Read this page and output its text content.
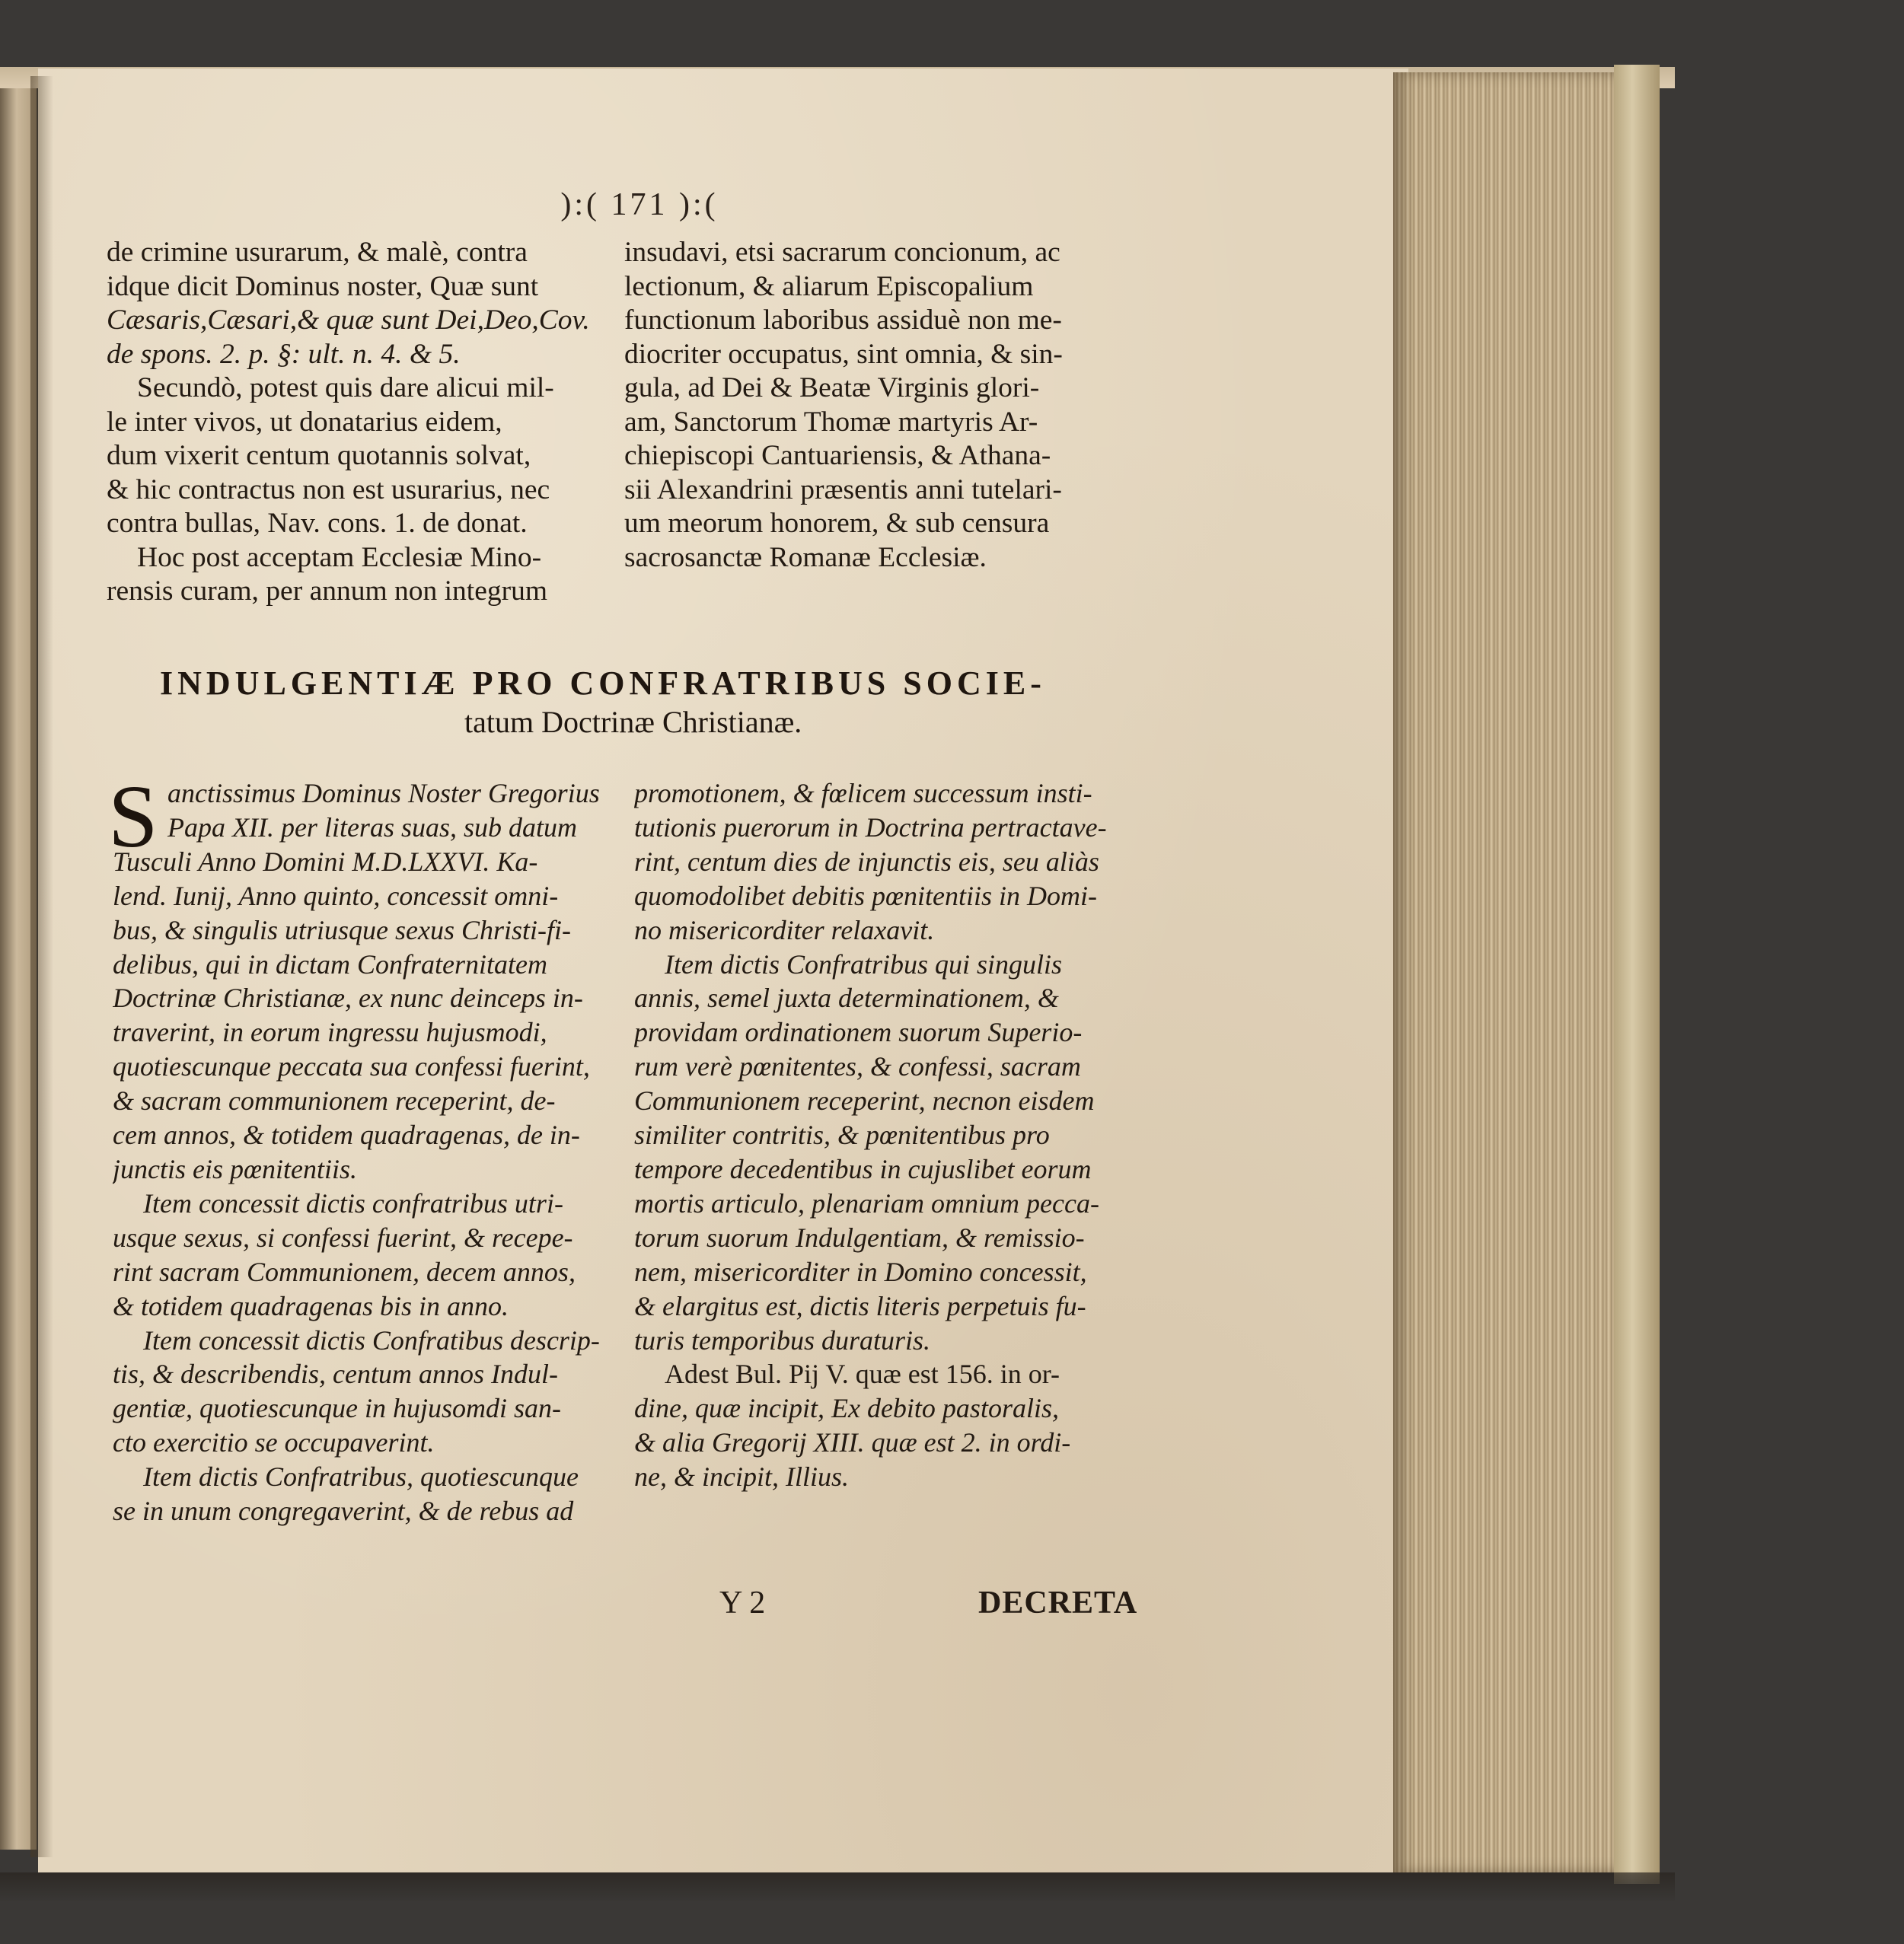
):( 171 ):(
de crimine usurarum, & malè, contra
idque dicit Dominus noster, Quæ sunt
Cæsaris,Cæsari,& quæ sunt Dei,Deo,Cov.
de spons. 2. p. §: ult. n. 4. & 5.
Secundò, potest quis dare alicui mil-
le inter vivos, ut donatarius eidem,
dum vixerit centum quotannis solvat,
& hic contractus non est usurarius, nec
contra bullas, Nav. cons. 1. de donat.
Hoc post acceptam Ecclesiæ Mino-
rensis curam, per annum non integrum
insudavi, etsi sacrarum concionum, ac
lectionum, & aliarum Episcopalium
functionum laboribus assiduè non me-
diocriter occupatus, sint omnia, & sin-
gula, ad Dei & Beatæ Virginis glori-
am, Sanctorum Thomæ martyris Ar-
chiepiscopi Cantuariensis, & Athana-
sii Alexandrini præsentis anni tutelari-
um meorum honorem, & sub censura
sacrosanctæ Romanæ Ecclesiæ.
INDULGENTIÆ PRO CONFRATRIBUS SOCIE-
tatum Doctrinæ Christianæ.
S anctissimus Dominus Noster Gregorius
Papa XII. per literas suas, sub datum
Tusculi Anno Domini M.D.LXXVI. Ka-
lend. Iunij, Anno quinto, concessit omni-
bus, & singulis utriusque sexus Christi-fi-
delibus, qui in dictam Confraternitatem
Doctrinæ Christianæ, ex nunc deinceps in-
traverint, in eorum ingressu hujusmodi,
quotiescunque peccata sua confessi fuerint,
& sacram communionem receperint, de-
cem annos, & totidem quadragenas, de in-
junctis eis pœnitentiis.
Item concessit dictis confratribus utri-
usque sexus, si confessi fuerint, & recepe-
rint sacram Communionem, decem annos,
& totidem quadragenas bis in anno.
Item concessit dictis Confratibus descrip-
tis, & describendis, centum annos Indul-
gentiæ, quotiescunque in hujusomdi san-
cto exercitio se occupaverint.
Item dictis Confratribus, quotiescunque
se in unum congregaverint, & de rebus ad
promotionem, & fœlicem successum insti-
tutionis puerorum in Doctrina pertractave-
rint, centum dies de injunctis eis, seu aliàs
quomodolibet debitis pœnitentiis in Domi-
no misericorditer relaxavit.
Item dictis Confratribus qui singulis
annis, semel juxta determinationem, &
providam ordinationem suorum Superio-
rum verè pœnitentes, & confessi, sacram
Communionem receperint, necnon eisdem
similiter contritis, & pœnitentibus pro
tempore decedentibus in cujuslibet eorum
mortis articulo, plenariam omnium pecca-
torum suorum Indulgentiam, & remissio-
nem, misericorditer in Domino concessit,
& elargitus est, dictis literis perpetuis fu-
turis temporibus duraturis.
Adest Bul. Pij V. quæ est 156. in or-
dine, quæ incipit, Ex debito pastoralis,
& alia Gregorij XIII. quæ est 2. in ordi-
ne, & incipit, Illius.
Y 2	DECRETA
